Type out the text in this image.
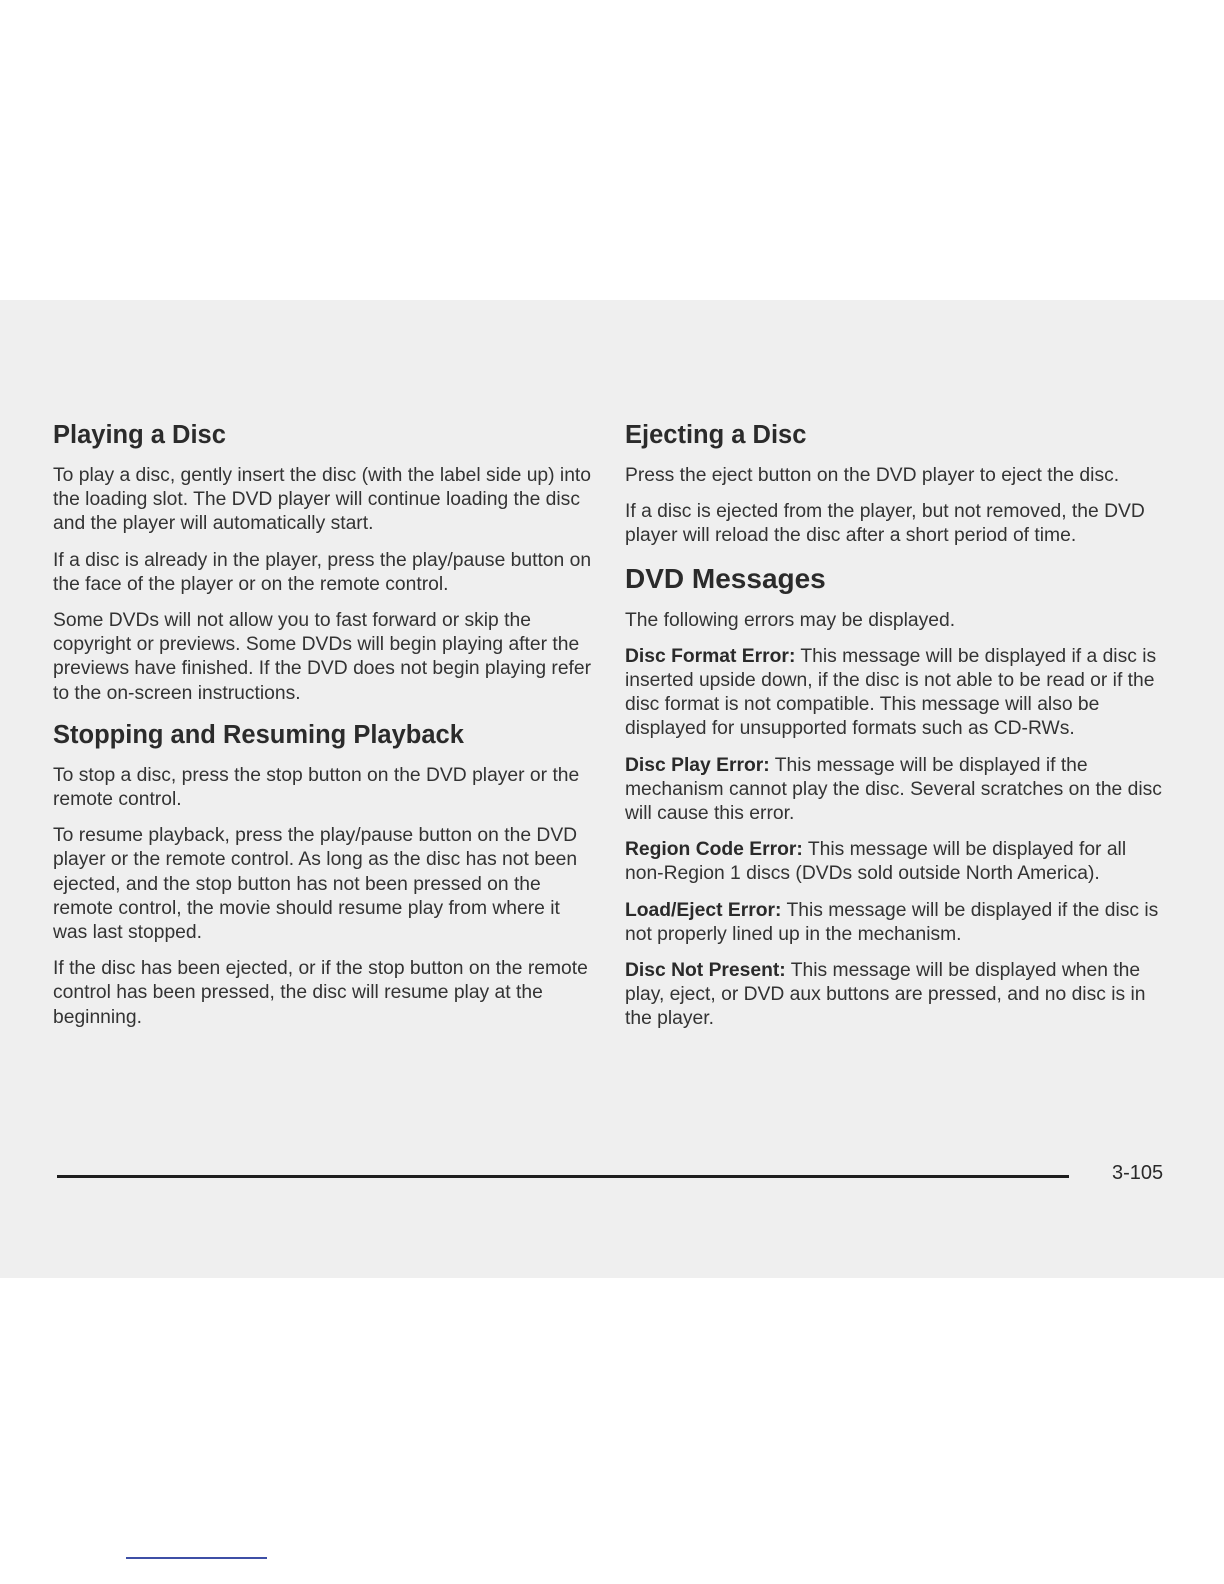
Playing a Disc

To play a disc, gently insert the disc (with the label side up) into the loading slot. The DVD player will continue loading the disc and the player will automatically start.

If a disc is already in the player, press the play/pause button on the face of the player or on the remote control.

Some DVDs will not allow you to fast forward or skip the copyright or previews. Some DVDs will begin playing after the previews have finished. If the DVD does not begin playing refer to the on-screen instructions.

Stopping and Resuming Playback

To stop a disc, press the stop button on the DVD player or the remote control.

To resume playback, press the play/pause button on the DVD player or the remote control. As long as the disc has not been ejected, and the stop button has not been pressed on the remote control, the movie should resume play from where it was last stopped.

If the disc has been ejected, or if the stop button on the remote control has been pressed, the disc will resume play at the beginning.

Ejecting a Disc

Press the eject button on the DVD player to eject the disc.

If a disc is ejected from the player, but not removed, the DVD player will reload the disc after a short period of time.

DVD Messages

The following errors may be displayed.

Disc Format Error: This message will be displayed if a disc is inserted upside down, if the disc is not able to be read or if the disc format is not compatible. This message will also be displayed for unsupported formats such as CD-RWs.

Disc Play Error: This message will be displayed if the mechanism cannot play the disc. Several scratches on the disc will cause this error.

Region Code Error: This message will be displayed for all non-Region 1 discs (DVDs sold outside North America).

Load/Eject Error: This message will be displayed if the disc is not properly lined up in the mechanism.

Disc Not Present: This message will be displayed when the play, eject, or DVD aux buttons are pressed, and no disc is in the player.

3-105
